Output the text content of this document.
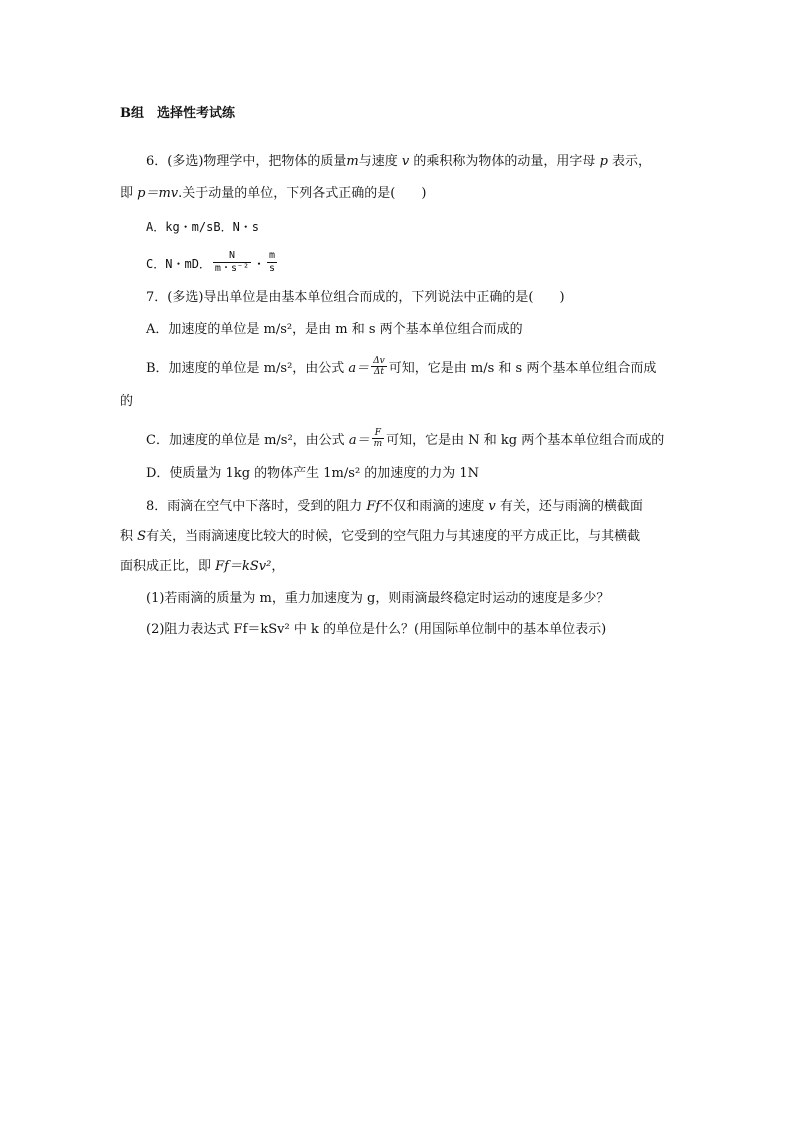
B组　选择性考试练
6．(多选)物理学中，把物体的质量m与速度 v 的乘积称为物体的动量，用字母 p 表示，
即 p＝mv.关于动量的单位，下列各式正确的是(　　)
A．kg・m/sB．N・s
C．N・mD． $\frac{N}{\text{m・s⁻²}}$ ・ $\frac{m}{s}$
7．(多选)导出单位是由基本单位组合而成的，下列说法中正确的是(　　)
A．加速度的单位是 m/s²，是由 m 和 s 两个基本单位组合而成的
B．加速度的单位是 m/s²，由公式 $a= \frac{\Delta v}{\Delta t}$ 可知，它是由 m/s 和 s 两个基本单位组合而成
的
C．加速度的单位是 m/s²，由公式 $a= \frac{F}{m}$ 可知，它是由 N 和 kg 两个基本单位组合而成的
D．使质量为 1kg 的物体产生 1m/s² 的加速度的力为 1N
8．雨滴在空气中下落时，受到的阻力 Ff不仅和雨滴的速度 v 有关，还与雨滴的横截面
积 S有关，当雨滴速度比较大的时候，它受到的空气阻力与其速度的平方成正比，与其横截
面积成正比，即 Ff＝kSv²，
(1)若雨滴的质量为 m，重力加速度为 g，则雨滴最终稳定时运动的速度是多少？
(2)阻力表达式 Ff＝kSv² 中 k 的单位是什么？(用国际单位制中的基本单位表示)
